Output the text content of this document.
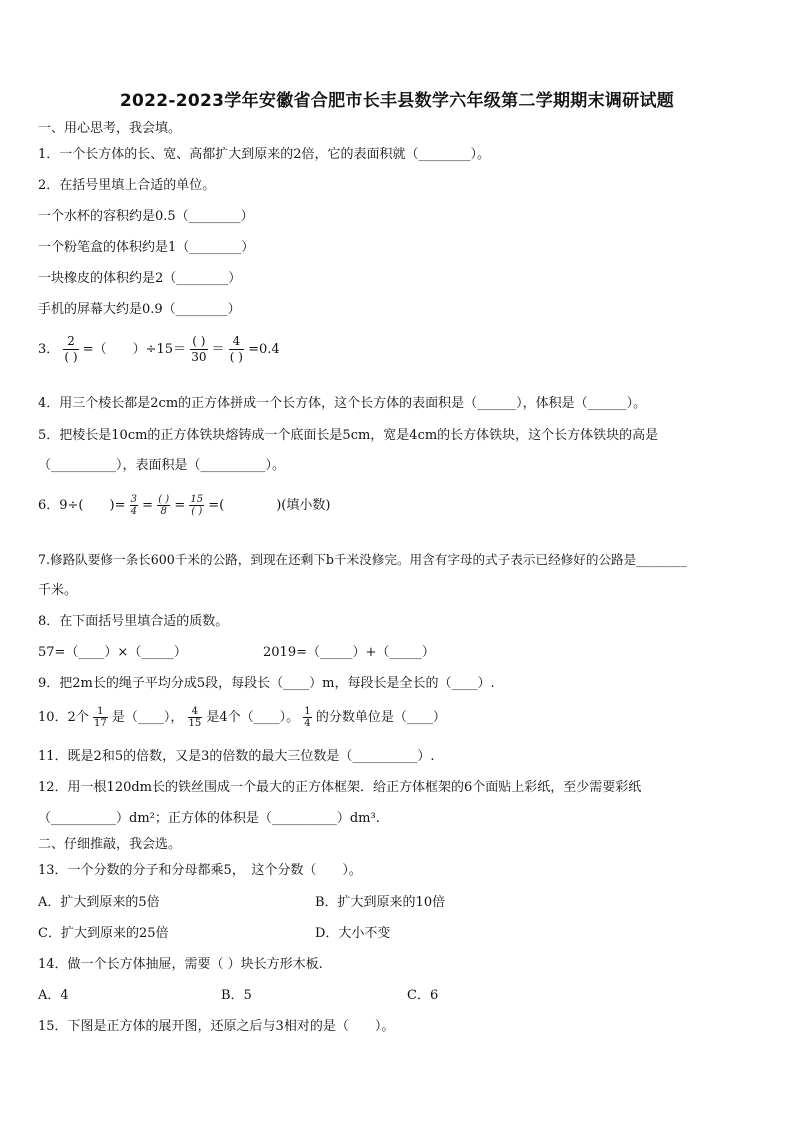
2022-2023学年安徽省合肥市长丰县数学六年级第二学期期末调研试题
一、用心思考，我会填。
1．一个长方体的长、宽、高都扩大到原来的2倍，它的表面积就（________）。
2．在括号里填上合适的单位。
一个水杯的容积约是0.5（________）
一个粉笔盒的体积约是1（________）
一块橡皮的体积约是2（________）
手机的屏幕大约是0.9（________）
3． $\frac{2}{( )}$ =（　　）$\div 15= \frac{( )}{30} = \frac{4}{( )} =0.4$
4．用三个棱长都是2cm的正方体拼成一个长方体，这个长方体的表面积是（______），体积是（______）。
5．把棱长是10cm的正方体铁块熔铸成一个底面长是5cm，宽是4cm的长方体铁块，这个长方体铁块的高是
（__________），表面积是（__________）。
6．9÷(　　)= $\frac{3}{4} = \frac{( )}{8} = \frac{15}{( )}$ =(　　　　)(填小数)
7.修路队要修一条长600千米的公路，到现在还剩下b千米没修完。用含有字母的式子表示已经修好的公路是________
千米。
8．在下面括号里填合适的质数。
57=（____）×（_____）	2019=（_____）+（_____）
9．把2m长的绳子平均分成5段，每段长（____）m，每段长是全长的（____）.
10．2个 $\frac{1}{17}$ 是（____）， $\frac{4}{15}$ 是4个（____）。 $\frac{1}{4}$ 的分数单位是（____）
11．既是2和5的倍数，又是3的倍数的最大三位数是（__________）.
12．用一根120dm长的铁丝围成一个最大的正方体框架．给正方体框架的6个面贴上彩纸，至少需要彩纸
（__________）dm²；正方体的体积是（__________）dm³.
二、仔细推敲，我会选。
13．一个分数的分子和分母都乘5，　这个分数（　　）。
A．扩大到原来的5倍	B．扩大到原来的10倍
C．扩大到原来的25倍	D．大小不变
14．做一个长方体抽屉，需要（ ）块长方形木板.
A．4	B．5	C．6
15．下图是正方体的展开图，还原之后与3相对的是（　　）。
